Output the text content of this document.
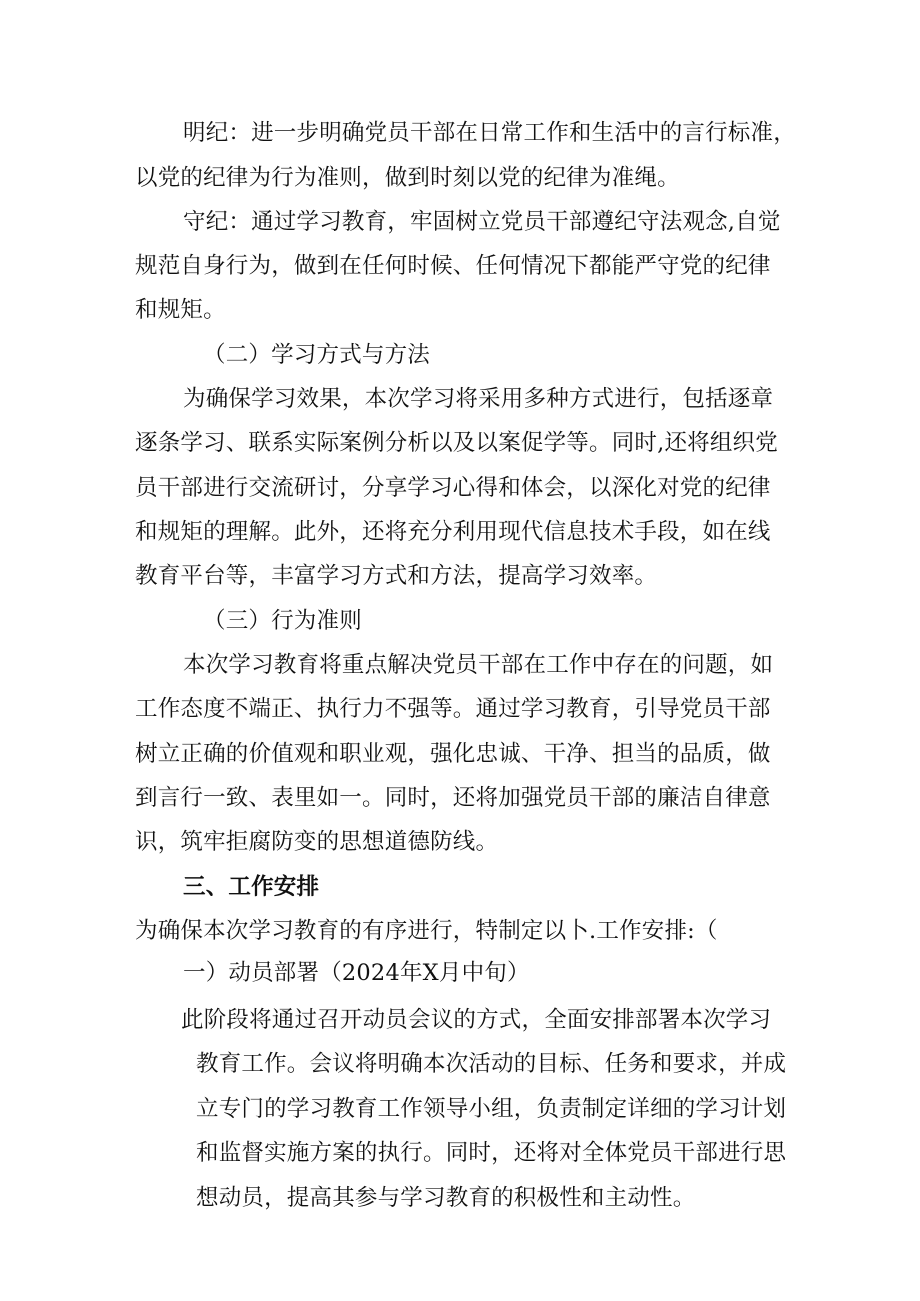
明纪：进一步明确党员干部在日常工作和生活中的言行标准，
以党的纪律为行为准则，做到时刻以党的纪律为准绳。
守纪：通过学习教育，牢固树立党员干部遵纪守法观念,自觉
规范自身行为，做到在任何时候、任何情况下都能严守党的纪律
和规矩。
（二）学习方式与方法
为确保学习效果，本次学习将采用多种方式进行，包括逐章
逐条学习、联系实际案例分析以及以案促学等。同时,还将组织党
员干部进行交流研讨，分享学习心得和体会，以深化对党的纪律
和规矩的理解。此外，还将充分利用现代信息技术手段，如在线
教育平台等，丰富学习方式和方法，提高学习效率。
（三）行为准则
本次学习教育将重点解决党员干部在工作中存在的问题，如
工作态度不端正、执行力不强等。通过学习教育，引导党员干部
树立正确的价值观和职业观，强化忠诚、干净、担当的品质，做
到言行一致、表里如一。同时，还将加强党员干部的廉洁自律意
识，筑牢拒腐防变的思想道德防线。
三、工作安排
为确保本次学习教育的有序进行，特制定以卜.工作安排:（
一）动员部署（2024年X月中旬）
此阶段将通过召开动员会议的方式，全面安排部署本次学习
教育工作。会议将明确本次活动的目标、任务和要求，并成
立专门的学习教育工作领导小组，负责制定详细的学习计划
和监督实施方案的执行。同时，还将对全体党员干部进行思
想动员，提高其参与学习教育的积极性和主动性。
